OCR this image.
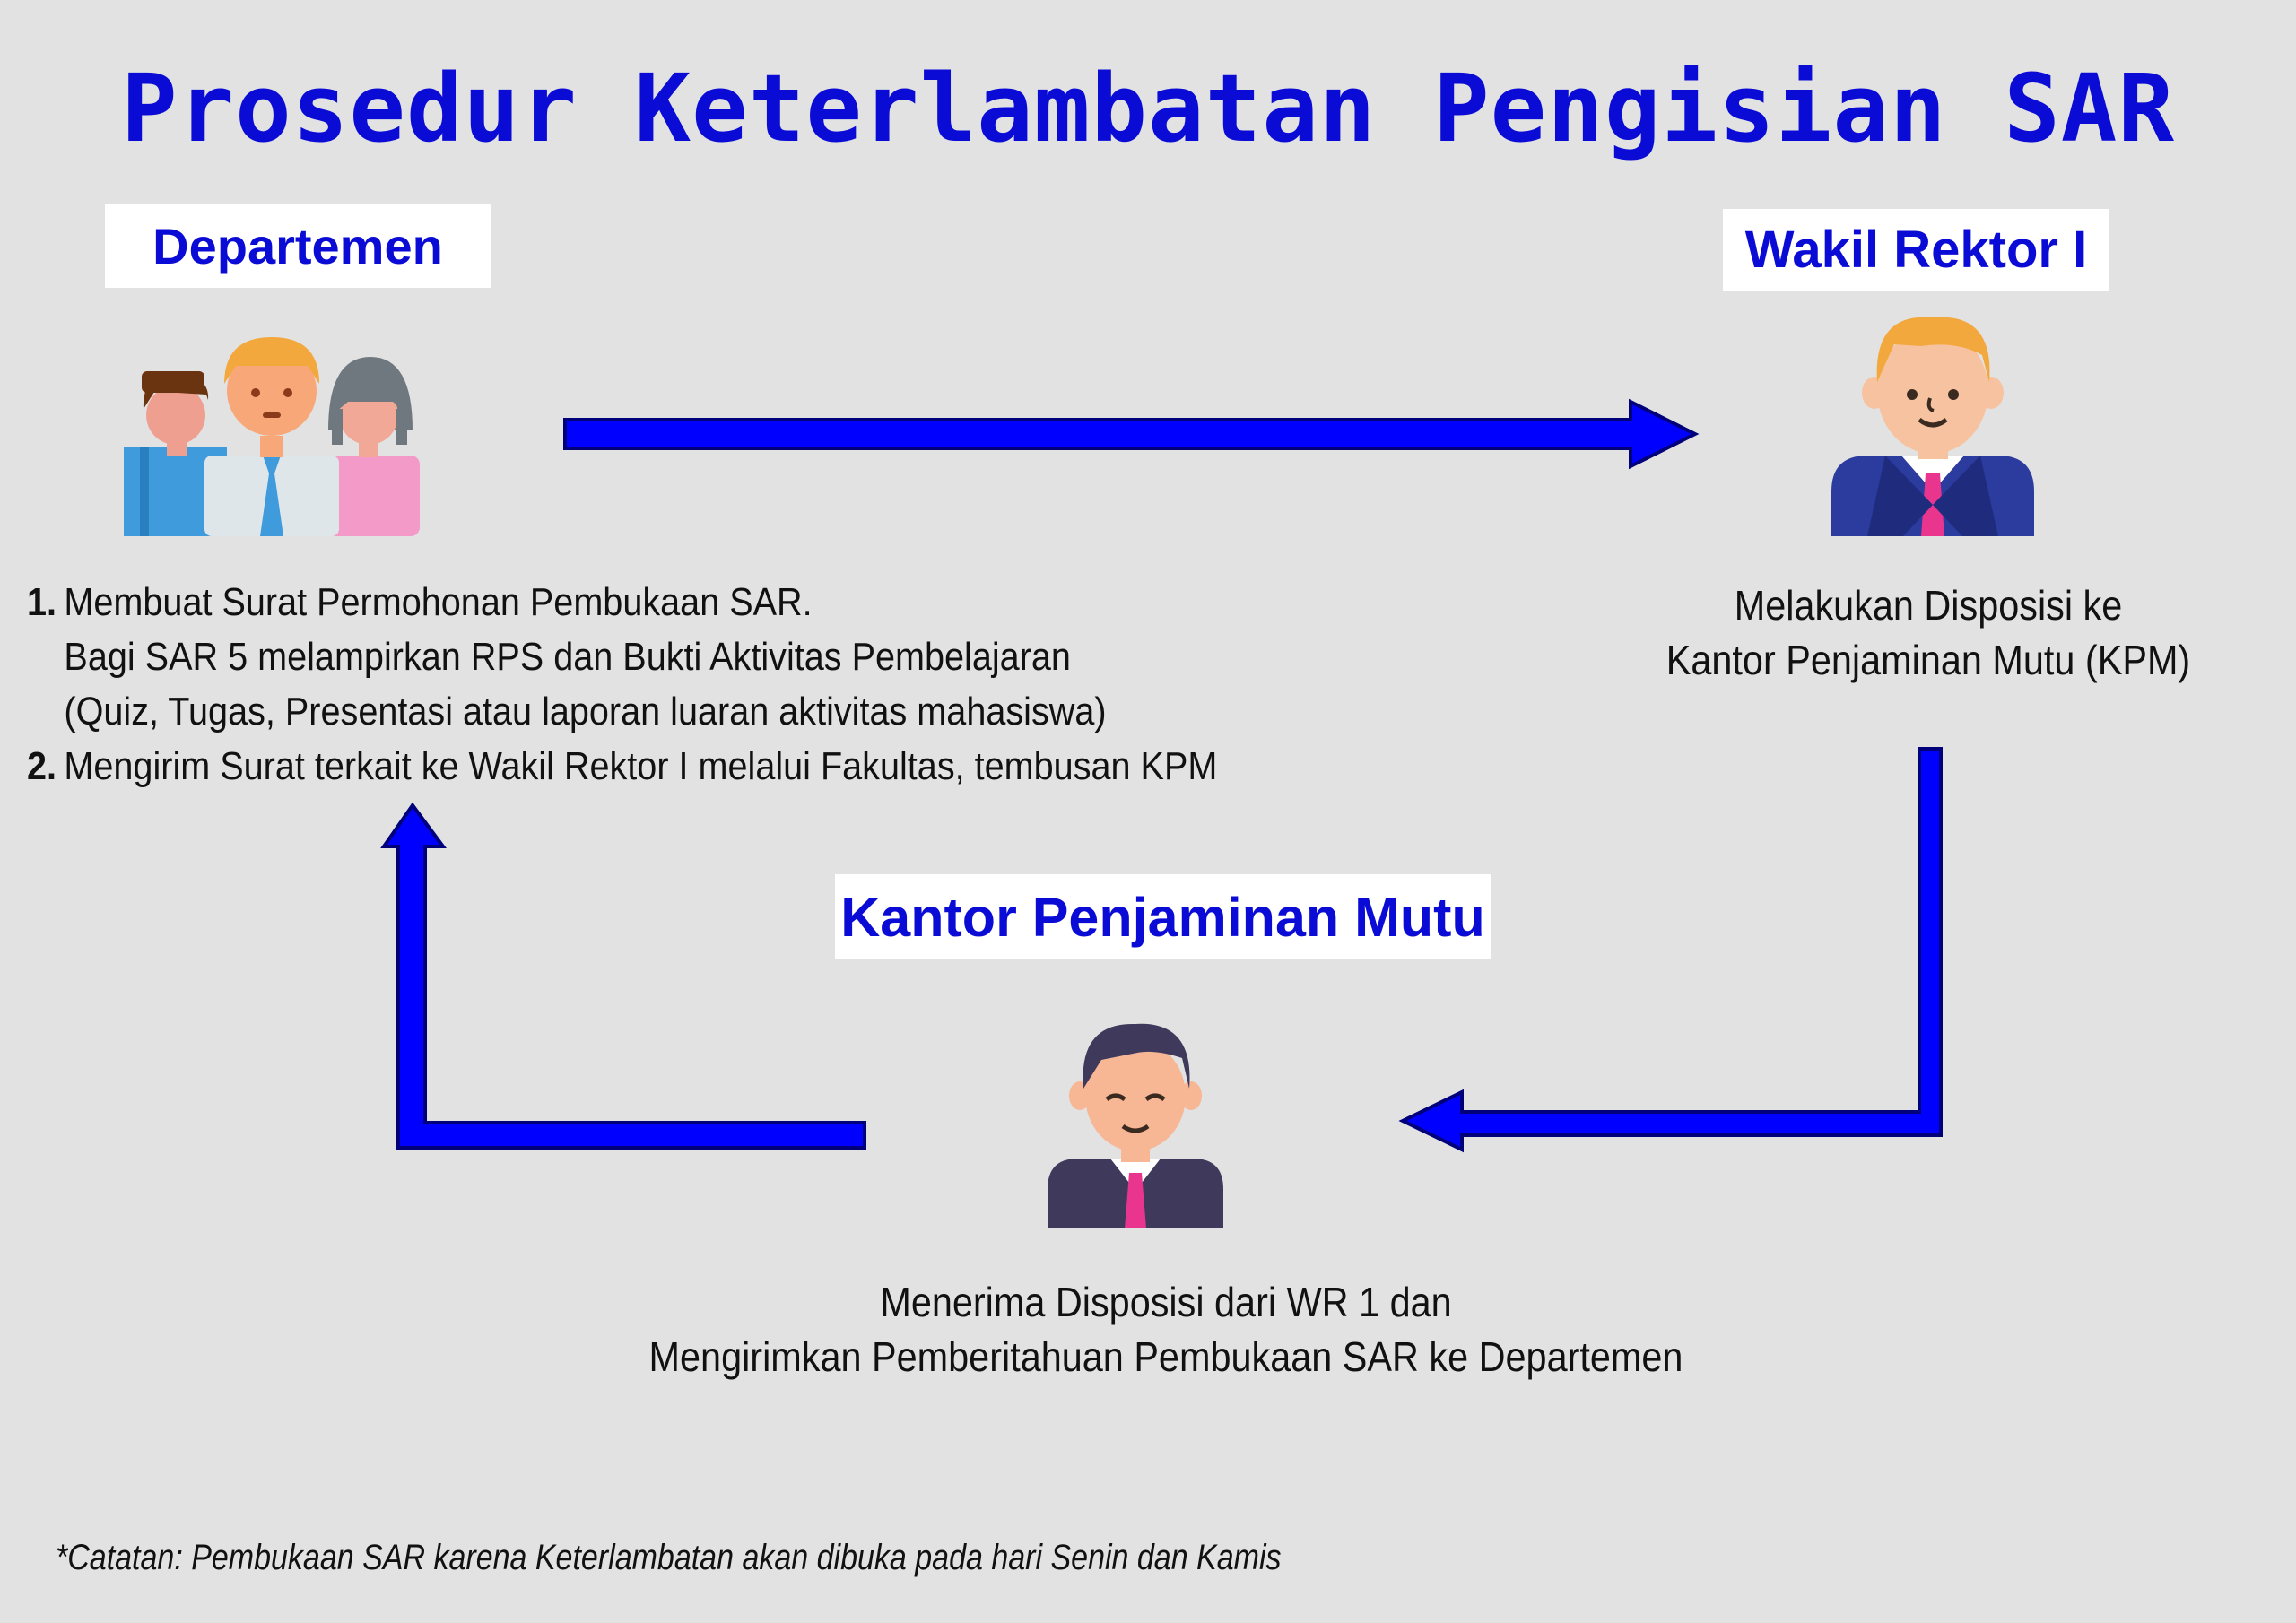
Prosedur Keterlambatan Pengisian SAR
Departemen	Wakil Rektor I
Kantor Penjaminan Mutu
1. Membuat Surat Permohonan Pembukaan SAR.
Bagi SAR 5 melampirkan RPS dan Bukti Aktivitas Pembelajaran
(Quiz, Tugas, Presentasi atau laporan luaran aktivitas mahasiswa)
2. Mengirim Surat terkait ke Wakil Rektor I melalui Fakultas, tembusan KPM
Melakukan Disposisi ke
Kantor Penjaminan Mutu (KPM)
Menerima Disposisi dari WR 1 dan
Mengirimkan Pemberitahuan Pembukaan SAR ke Departemen
*Catatan: Pembukaan SAR karena Keterlambatan akan dibuka pada hari Senin dan Kamis
